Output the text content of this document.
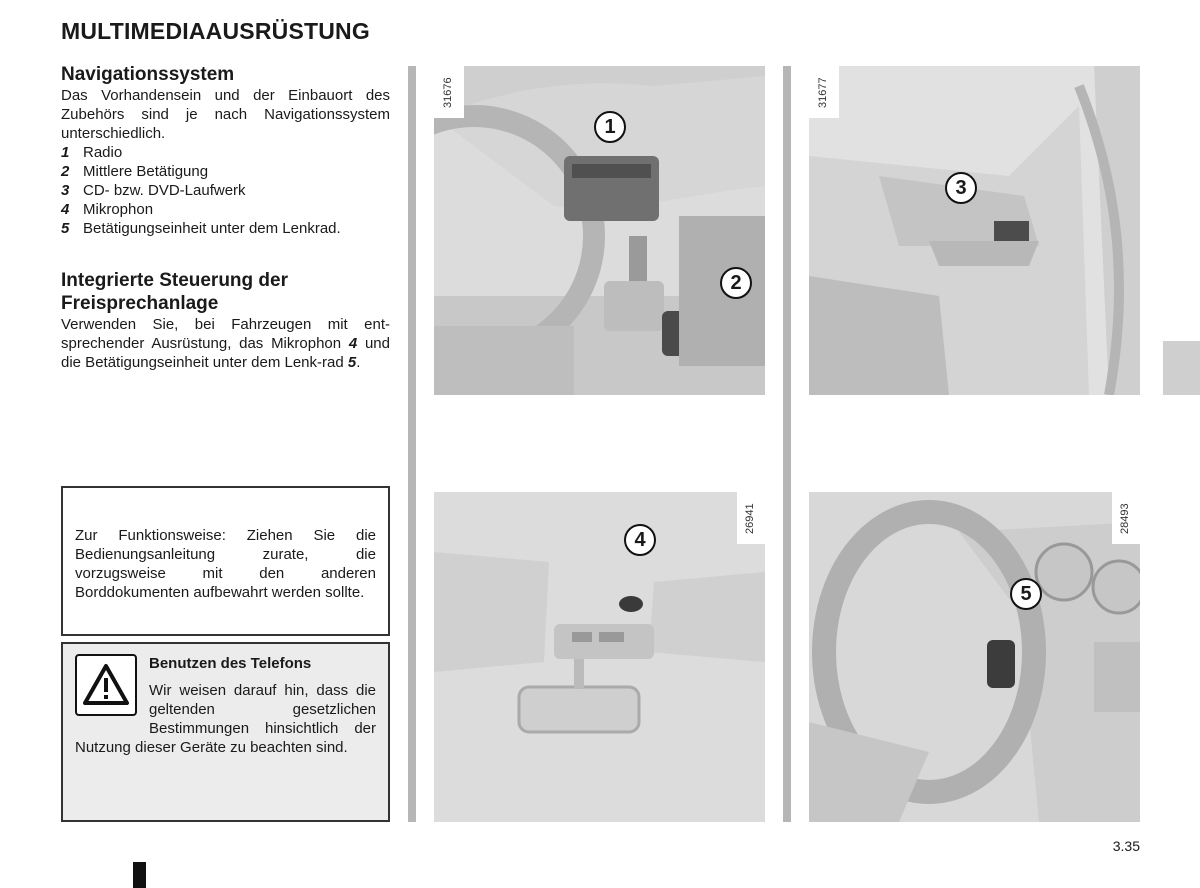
MULTIMEDIAAUSRÜSTUNG
Navigationssystem
Das Vorhandensein und der Einbauort des Zubehörs sind je nach Navigationssystem unterschiedlich.
1 Radio
2 Mittlere Betätigung
3 CD- bzw. DVD-Laufwerk
4 Mikrophon
5 Betätigungseinheit unter dem Lenkrad.
Integrierte Steuerung der
Freisprechanlage
Verwenden Sie, bei Fahrzeugen mit ent-sprechender Ausrüstung, das Mikrophon 4 und die Betätigungseinheit unter dem Lenk-rad 5.
Zur Funktionsweise: Ziehen Sie die Bedienungsanleitung zurate, die vorzugsweise mit den anderen Borddokumenten aufbewahrt werden sollte.
Benutzen des Telefons
Wir weisen darauf hin, dass die geltenden gesetzlichen Bestimmungen hinsichtlich der Nutzung dieser Geräte zu beachten sind.
1
2
31676
3
31677
4
26941
5
28493
3.35
